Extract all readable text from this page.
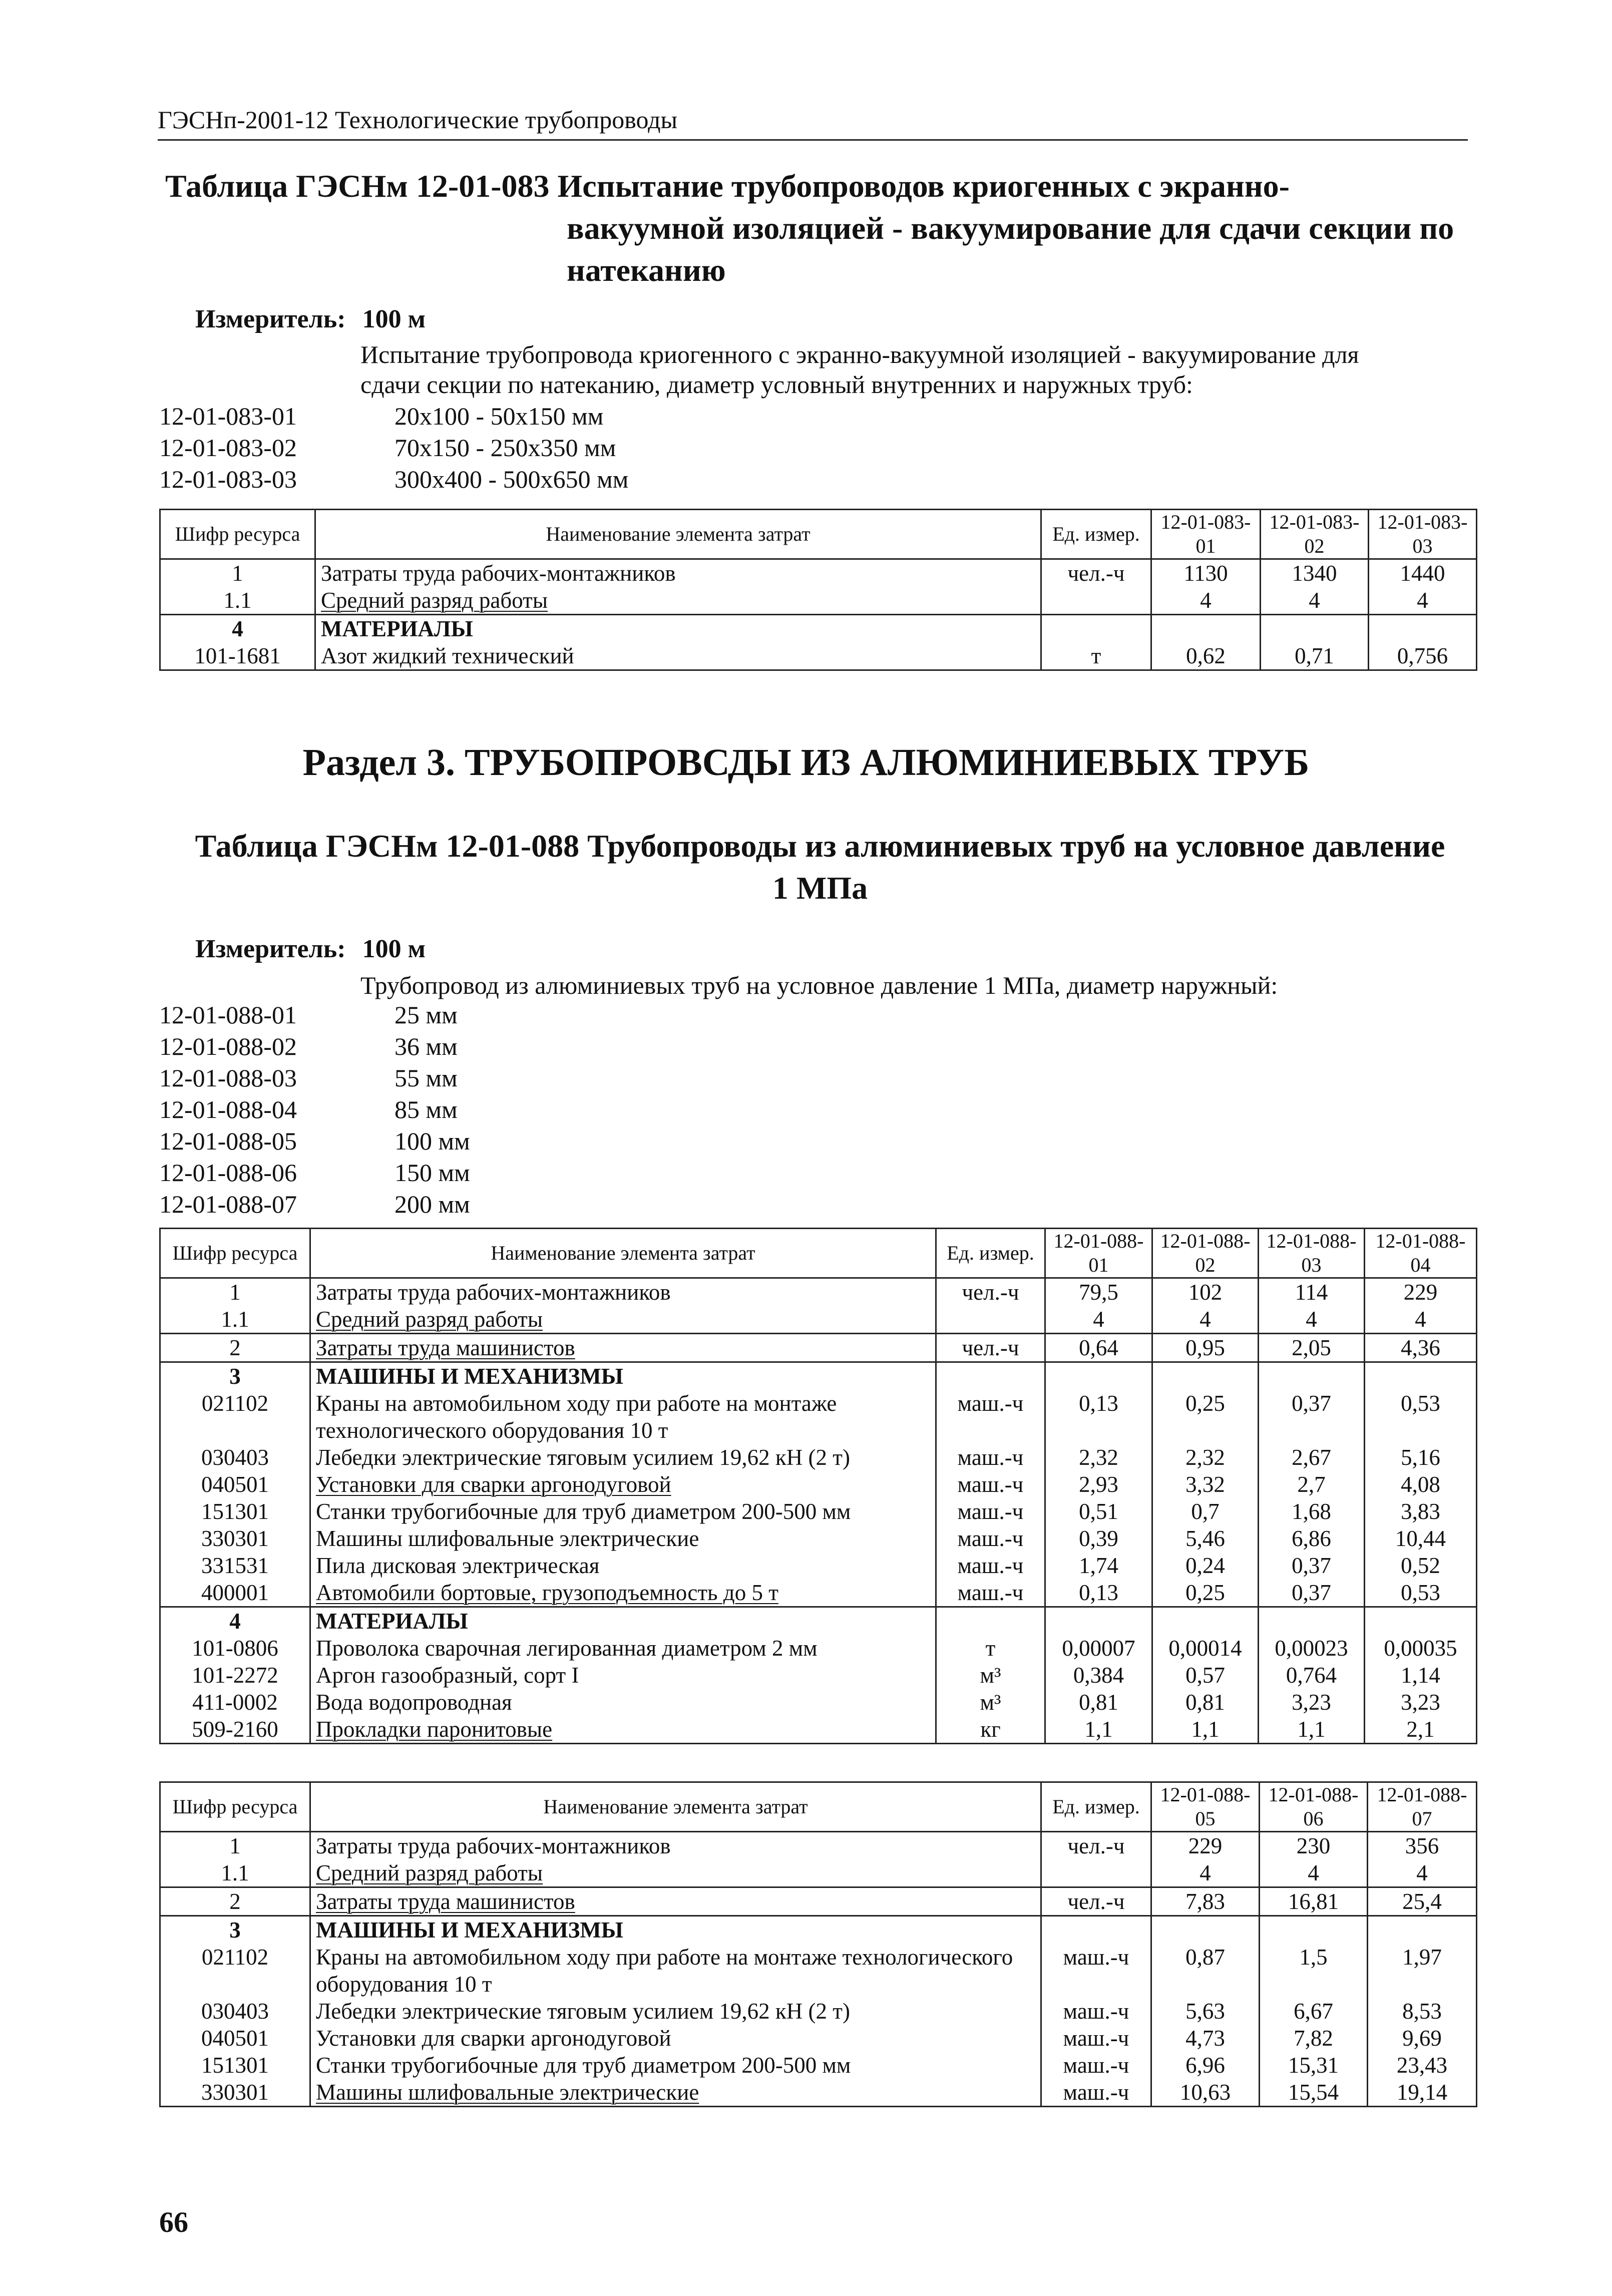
ГЭСНп-2001-12 Технологические трубопроводы
Таблица ГЭСНм 12-01-083 Испытание трубопроводов криогенных с экранно-
вакуумной изоляцией - вакуумирование для сдачи секции по
натеканию
Измеритель: 100 м
Испытание трубопровода криогенного с экранно-вакуумной изоляцией - вакуумирование для
сдачи секции по натеканию, диаметр условный внутренних и наружных труб:
12-01-083-01	20x100 - 50x150 мм
12-01-083-02	70x150 - 250x350 мм
12-01-083-03	300x400 - 500x650 мм
Шифр ресурса	Наименование элемента затрат	Ед. измер.	12-01-083-01	12-01-083-02	12-01-083-03
1	Затраты труда рабочих-монтажников	чел.-ч	1130	1340	1440
1.1	Средний разряд работы		4	4	4
4	МАТЕРИАЛЫ				
101-1681	Азот жидкий технический	т	0,62	0,71	0,756
Раздел 3. ТРУБОПРОВСДЫ ИЗ АЛЮМИНИЕВЫХ ТРУБ
Таблица ГЭСНм 12-01-088 Трубопроводы из алюминиевых труб на условное давление
1 МПа
Измеритель: 100 м
Трубопровод из алюминиевых труб на условное давление 1 МПа, диаметр наружный:
12-01-088-01	25 мм
12-01-088-02	36 мм
12-01-088-03	55 мм
12-01-088-04	85 мм
12-01-088-05	100 мм
12-01-088-06	150 мм
12-01-088-07	200 мм
Шифр ресурса	Наименование элемента затрат	Ед. измер.	12-01-088-01	12-01-088-02	12-01-088-03	12-01-088-04
1	Затраты труда рабочих-монтажников	чел.-ч	79,5	102	114	229
1.1	Средний разряд работы		4	4	4	4
2	Затраты труда машинистов	чел.-ч	0,64	0,95	2,05	4,36
3	МАШИНЫ И МЕХАНИЗМЫ					
021102	Краны на автомобильном ходу при работе на монтаже технологического оборудования 10 т	маш.-ч	0,13	0,25	0,37	0,53
030403	Лебедки электрические тяговым усилием 19,62 кН (2 т)	маш.-ч	2,32	2,32	2,67	5,16
040501	Установки для сварки аргонодуговой	маш.-ч	2,93	3,32	2,7	4,08
151301	Станки трубогибочные для труб диаметром 200-500 мм	маш.-ч	0,51	0,7	1,68	3,83
330301	Машины шлифовальные электрические	маш.-ч	0,39	5,46	6,86	10,44
331531	Пила дисковая электрическая	маш.-ч	1,74	0,24	0,37	0,52
400001	Автомобили бортовые, грузоподъемность до 5 т	маш.-ч	0,13	0,25	0,37	0,53
4	МАТЕРИАЛЫ					
101-0806	Проволока сварочная легированная диаметром 2 мм	т	0,00007	0,00014	0,00023	0,00035
101-2272	Аргон газообразный, сорт I	м³	0,384	0,57	0,764	1,14
411-0002	Вода водопроводная	м³	0,81	0,81	3,23	3,23
509-2160	Прокладки паронитовые	кг	1,1	1,1	1,1	2,1
Шифр ресурса	Наименование элемента затрат	Ед. измер.	12-01-088-05	12-01-088-06	12-01-088-07
1	Затраты труда рабочих-монтажников	чел.-ч	229	230	356
1.1	Средний разряд работы		4	4	4
2	Затраты труда машинистов	чел.-ч	7,83	16,81	25,4
3	МАШИНЫ И МЕХАНИЗМЫ				
021102	Краны на автомобильном ходу при работе на монтаже технологического оборудования 10 т	маш.-ч	0,87	1,5	1,97
030403	Лебедки электрические тяговым усилием 19,62 кН (2 т)	маш.-ч	5,63	6,67	8,53
040501	Установки для сварки аргонодуговой	маш.-ч	4,73	7,82	9,69
151301	Станки трубогибочные для труб диаметром 200-500 мм	маш.-ч	6,96	15,31	23,43
330301	Машины шлифовальные электрические	маш.-ч	10,63	15,54	19,14
66
